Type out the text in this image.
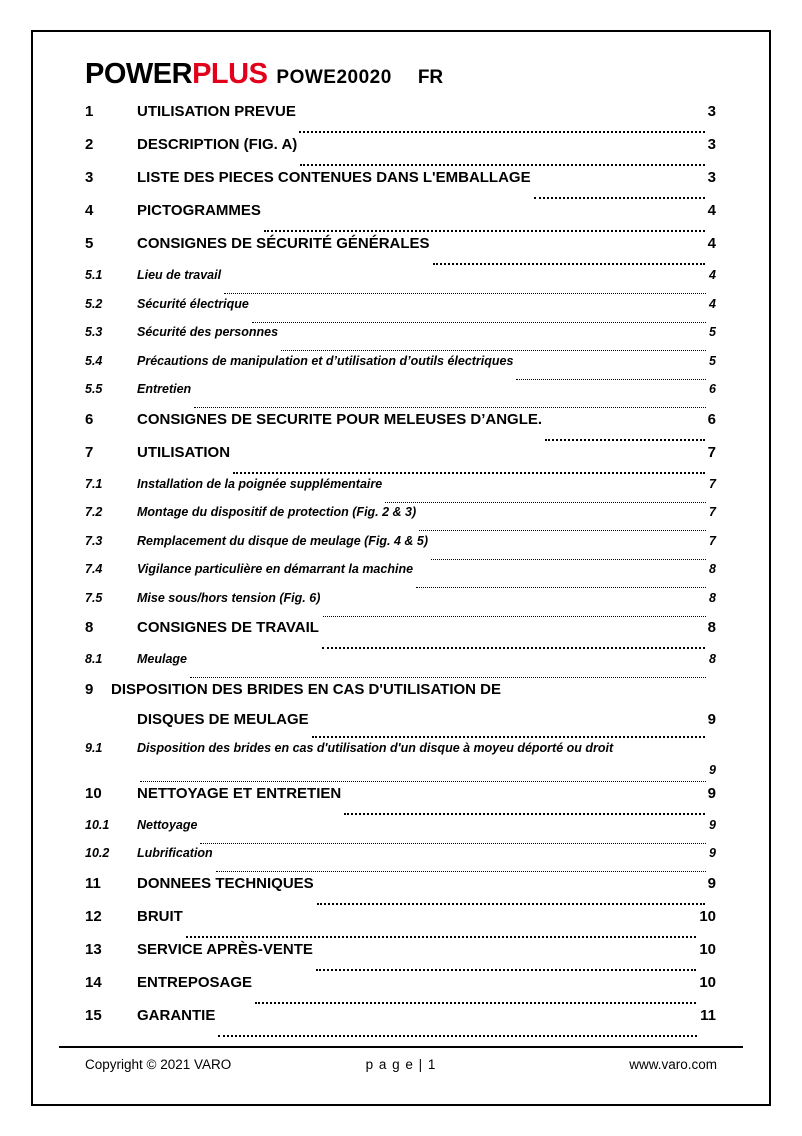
POWERPLUS POWE20020 FR
1	UTILISATION PREVUE	3
2	DESCRIPTION (FIG. A)	3
3	LISTE DES PIECES CONTENUES DANS L'EMBALLAGE	3
4	PICTOGRAMMES	4
5	CONSIGNES DE SÉCURITÉ GÉNÉRALES	4
5.1	Lieu de travail	4
5.2	Sécurité électrique	4
5.3	Sécurité des personnes	5
5.4	Précautions de manipulation et d’utilisation d’outils électriques	5
5.5	Entretien	6
6	CONSIGNES DE SECURITE POUR MELEUSES D’ANGLE.	6
7	UTILISATION	7
7.1	Installation de la poignée supplémentaire	7
7.2	Montage du dispositif de protection (Fig. 2 & 3)	7
7.3	Remplacement du disque de meulage (Fig. 4 & 5)	7
7.4	Vigilance particulière en démarrant la machine	8
7.5	Mise sous/hors tension (Fig. 6)	8
8	CONSIGNES DE TRAVAIL	8
8.1	Meulage	8
9	DISPOSITION DES BRIDES EN CAS D'UTILISATION DE
DISQUES DE MEULAGE	9
9.1	Disposition des brides en cas d'utilisation d'un disque à moyeu déporté ou droit
9
10	NETTOYAGE ET ENTRETIEN	9
10.1	Nettoyage	9
10.2	Lubrification	9
11	DONNEES TECHNIQUES	9
12	BRUIT	10
13	SERVICE APRÈS-VENTE	10
14	ENTREPOSAGE	10
15	GARANTIE	11
Copyright © 2021 VARO	p a g e | 1	www.varo.com
